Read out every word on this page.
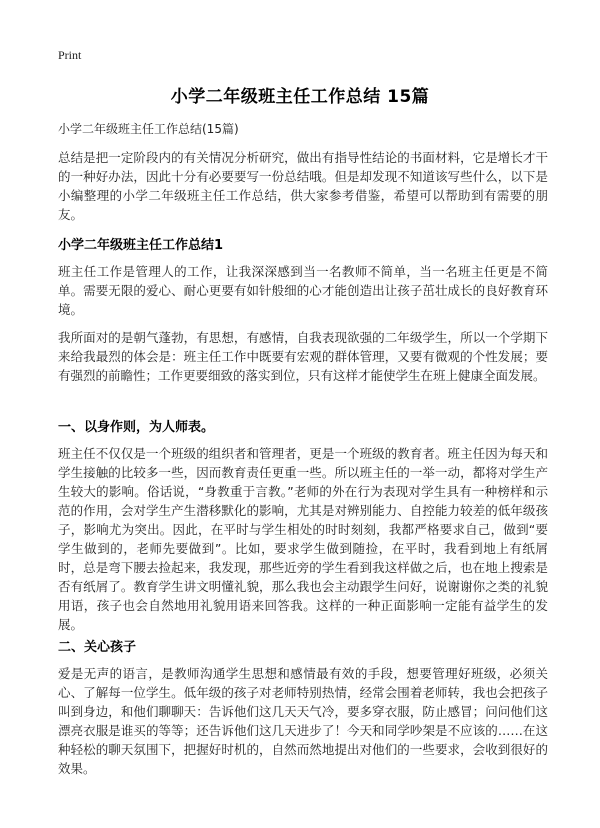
Print
小学二年级班主任工作总结 15篇
小学二年级班主任工作总结(15篇)
总结是把一定阶段内的有关情况分析研究，做出有指导性结论的书面材料，它是增长才干的一种好办法，因此十分有必要要写一份总结哦。但是却发现不知道该写些什么，以下是小编整理的小学二年级班主任工作总结，供大家参考借鉴，希望可以帮助到有需要的朋友。
小学二年级班主任工作总结1
班主任工作是管理人的工作，让我深深感到当一名教师不简单，当一名班主任更是不简单。需要无限的爱心、耐心更要有如针般细的心才能创造出让孩子茁壮成长的良好教育环境。
我所面对的是朝气蓬勃，有思想，有感情，自我表现欲强的二年级学生，所以一个学期下来给我最烈的体会是：班主任工作中既要有宏观的群体管理，又要有微观的个性发展；要有强烈的前瞻性；工作更要细致的落实到位，只有这样才能使学生在班上健康全面发展。
一、以身作则，为人师表。
班主任不仅仅是一个班级的组织者和管理者，更是一个班级的教育者。班主任因为每天和学生接触的比较多一些，因而教育责任更重一些。所以班主任的一举一动，都将对学生产生较大的影响。俗话说，“身教重于言教。”老师的外在行为表现对学生具有一种榜样和示范的作用，会对学生产生潜移默化的影响，尤其是对辨别能力、自控能力较差的低年级孩子，影响尤为突出。因此，在平时与学生相处的时时刻刻，我都严格要求自己，做到“要学生做到的，老师先要做到”。比如，要求学生做到随捡，在平时，我看到地上有纸屑时，总是弯下腰去捡起来，我发现，那些近旁的学生看到我这样做之后，也在地上搜索是否有纸屑了。教育学生讲文明懂礼貌，那么我也会主动跟学生问好，说谢谢你之类的礼貌用语，孩子也会自然地用礼貌用语来回答我。这样的一种正面影响一定能有益学生的发展。
二、关心孩子
爱是无声的语言，是教师沟通学生思想和感情最有效的手段，想要管理好班级，必须关心、了解每一位学生。低年级的孩子对老师特别热情，经常会围着老师转，我也会把孩子叫到身边，和他们聊聊天：告诉他们这几天天气冷，要多穿衣服，防止感冒；问问他们这漂亮衣服是谁买的等等；还告诉他们这几天进步了！今天和同学吵架是不应该的……在这种轻松的聊天氛围下，把握好时机的，自然而然地提出对他们的一些要求，会收到很好的效果。
